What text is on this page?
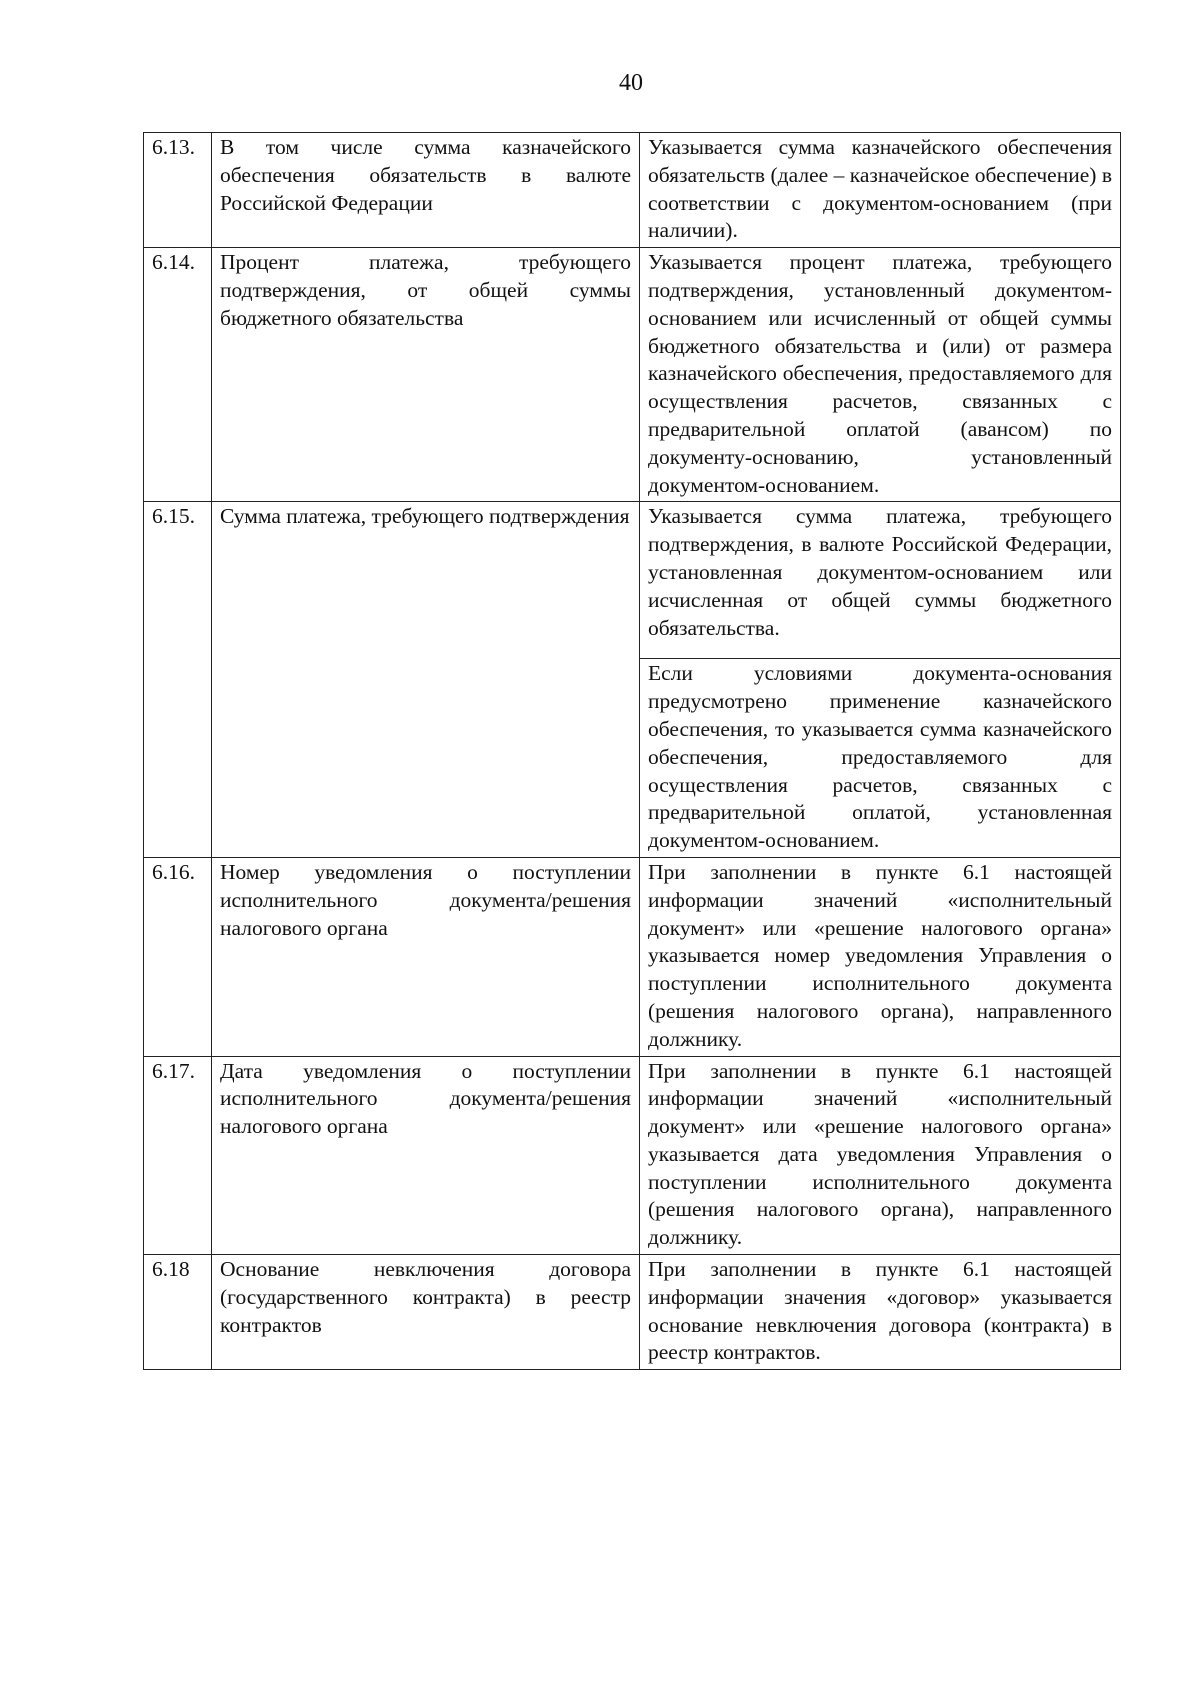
40
6.13.	В том числе сумма казначейского обеспечения обязательств в валюте Российской Федерации	Указывается сумма казначейского обеспечения обязательств (далее – казначейское обеспечение) в соответствии с документом-основанием (при наличии).
6.14.	Процент платежа, требующего подтверждения, от общей суммы бюджетного обязательства	Указывается процент платежа, требующего подтверждения, установленный документом-основанием или исчисленный от общей суммы бюджетного обязательства и (или) от размера казначейского обеспечения, предоставляемого для осуществления расчетов, связанных с предварительной оплатой (авансом) по документу-основанию, установленный документом-основанием.
6.15.	Сумма платежа, требующего подтверждения	Указывается сумма платежа, требующего подтверждения, в валюте Российской Федерации, установленная документом-основанием или исчисленная от общей суммы бюджетного обязательства.
Если условиями документа-основания предусмотрено применение казначейского обеспечения, то указывается сумма казначейского обеспечения, предоставляемого для осуществления расчетов, связанных с предварительной оплатой, установленная документом-основанием.

6.16.	Номер уведомления о поступлении исполнительного документа/решения налогового органа	При заполнении в пункте 6.1 настоящей информации значений «исполнительный документ» или «решение налогового органа» указывается номер уведомления Управления о поступлении исполнительного документа (решения налогового органа), направленного должнику.
6.17.	Дата уведомления о поступлении исполнительного документа/решения налогового органа	При заполнении в пункте 6.1 настоящей информации значений «исполнительный документ» или «решение налогового органа» указывается дата уведомления Управления о поступлении исполнительного документа (решения налогового органа), направленного должнику.
6.18	Основание невключения договора (государственного контракта) в реестр контрактов	При заполнении в пункте 6.1 настоящей информации значения «договор» указывается основание невключения договора (контракта) в реестр контрактов.
